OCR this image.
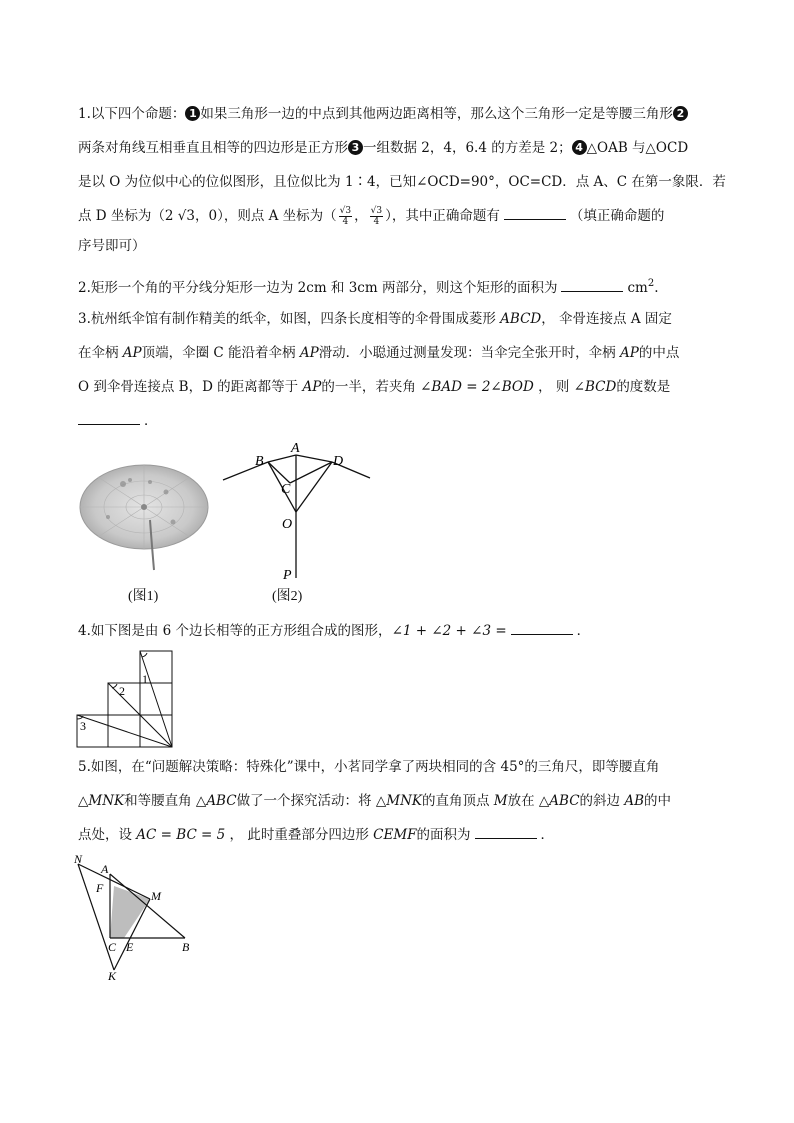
1.以下四个命题： 1 如果三角形一边的中点到其他两边距离相等，那么这个三角形一定是等腰三角形 2

两条对角线互相垂直且相等的四边形是正方形 3 一组数据 2，4，6.4 的方差是 2； 4 △OAB 与△OCD

是以 O 为位似中心的位似图形，且位似比为 1∶4，已知∠OCD=90°，OC=CD．点 A、C 在第一象限．若

点 D 坐标为（2 √3，0），则点 A 坐标为（ $\frac{√3}{4}$ ， $\frac{√3}{4}$ ），其中正确命题有	（填正确命题的

序号即可）

2.矩形一个角的平分线分矩形一边为 2cm 和 3cm 两部分，则这个矩形的面积为	$cm^2$.

3.杭州纸伞馆有制作精美的纸伞，如图，四条长度相等的伞骨围成菱形 ABCD， 伞骨连接点 A 固定

在伞柄 AP顶端，伞圈 C 能沿着伞柄 AP滑动．小聪通过测量发现：当伞完全张开时，伞柄 AP的中点

O 到伞骨连接点 B，D 的距离都等于 AP的一半，若夹角 ∠BAD = 2∠BOD ， 则 ∠BCD的度数是

．

(图1)
B
A
D
C
O
P
(图2)

4.如下图是由 6 个边长相等的正方形组合成的图形，∠1 + ∠2 + ∠3 =	．

1
2
3

5.如图，在“问题解决策略：特殊化”课中，小茗同学拿了两块相同的含 45°的三角尺，即等腰直角

△MNK和等腰直角 △ABC做了一个探究活动：将 △MNK的直角顶点 M放在 △ABC的斜边 AB的中

点处，设 AC = BC = 5 ， 此时重叠部分四边形 CEMF的面积为	．

N
A
F
M
C E	B
K
